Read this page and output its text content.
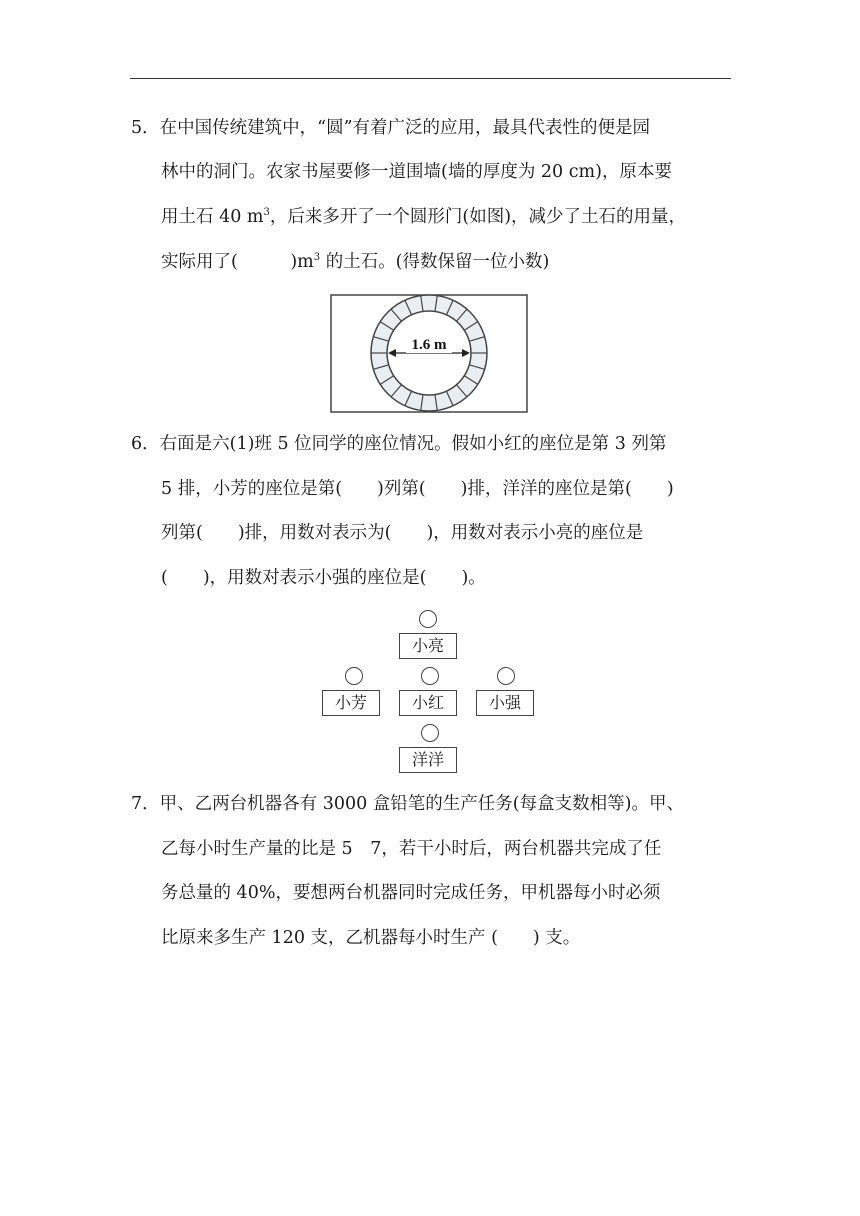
5．在中国传统建筑中，“圆”有着广泛的应用，最具代表性的便是园
林中的洞门。农家书屋要修一道围墙(墙的厚度为 20 cm)，原本要
用土石 40 $m^3$，后来多开了一个圆形门(如图)，减少了土石的用量，
实际用了(　　　)$m^3$ 的土石。(得数保留一位小数)
1.6 m
6．右面是六(1)班 5 位同学的座位情况。假如小红的座位是第 3 列第
5 排，小芳的座位是第(　　)列第(　　)排，洋洋的座位是第(　　)
列第(　　)排，用数对表示为(　　)，用数对表示小亮的座位是
(　　)，用数对表示小强的座位是(　　)。
小亮
小芳	小红	小强
洋洋
7．甲、乙两台机器各有 3000 盒铅笔的生产任务(每盒支数相等)。甲、
乙每小时生产量的比是 5　7，若干小时后，两台机器共完成了任
务总量的 40%，要想两台机器同时完成任务，甲机器每小时必须
比原来多生产 120 支，乙机器每小时生产 (　　) 支。
